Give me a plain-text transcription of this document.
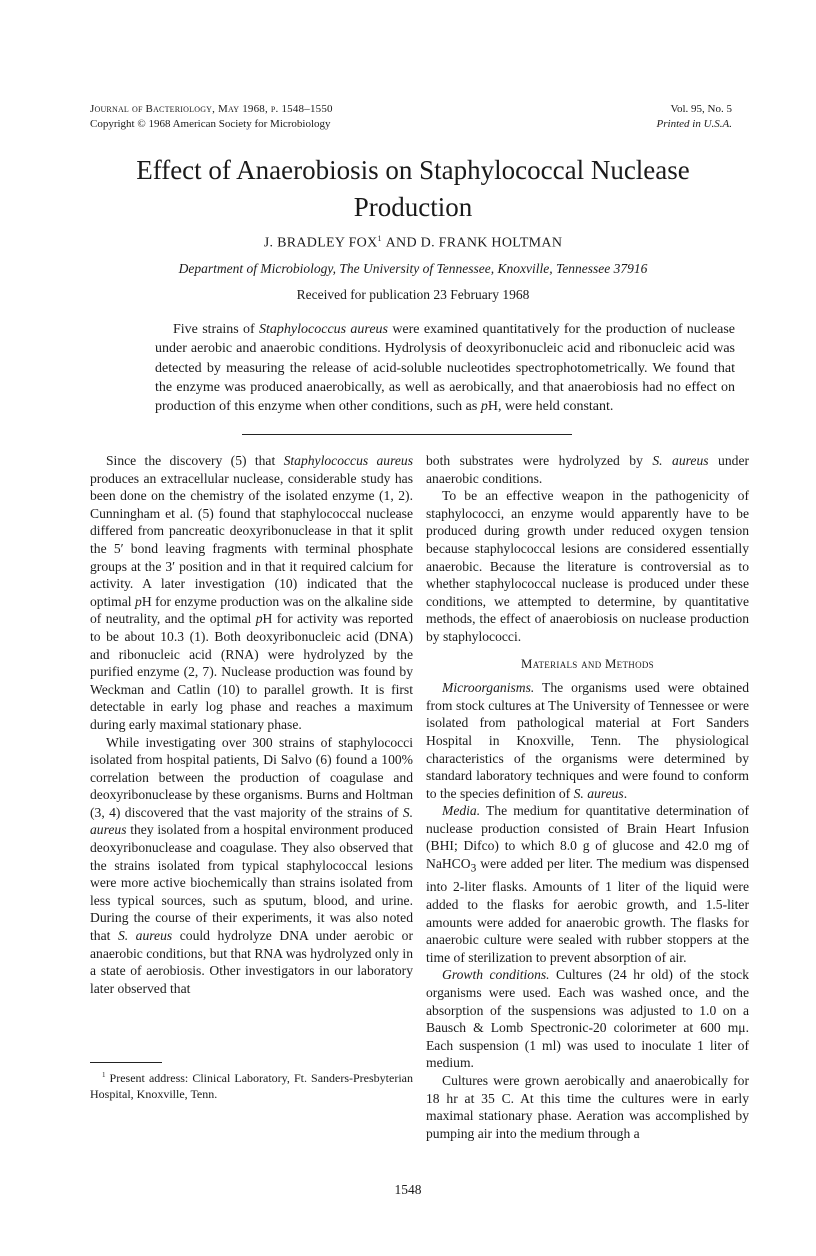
Journal of Bacteriology, May 1968, p. 1548–1550
Copyright © 1968 American Society for Microbiology
Vol. 95, No. 5
Printed in U.S.A.
Effect of Anaerobiosis on Staphylococcal Nuclease Production
J. BRADLEY FOX$^1$ AND D. FRANK HOLTMAN
Department of Microbiology, The University of Tennessee, Knoxville, Tennessee 37916
Received for publication 23 February 1968

Five strains of Staphylococcus aureus were examined quantitatively for the production of nuclease under aerobic and anaerobic conditions. Hydrolysis of deoxyribonucleic acid and ribonucleic acid was detected by measuring the release of acid-soluble nucleotides spectrophotometrically. We found that the enzyme was produced anaerobically, as well as aerobically, and that anaerobiosis had no effect on production of this enzyme when other conditions, such as pH, were held constant.

Since the discovery (5) that Staphylococcus aureus produces an extracellular nuclease, considerable study has been done on the chemistry of the isolated enzyme (1, 2). Cunningham et al. (5) found that staphylococcal nuclease differed from pancreatic deoxyribonuclease in that it split the 5′ bond leaving fragments with terminal phosphate groups at the 3′ position and in that it required calcium for activity. A later investigation (10) indicated that the optimal pH for enzyme production was on the alkaline side of neutrality, and the optimal pH for activity was reported to be about 10.3 (1). Both deoxyribonucleic acid (DNA) and ribonucleic acid (RNA) were hydrolyzed by the purified enzyme (2, 7). Nuclease production was found by Weckman and Catlin (10) to parallel growth. It is first detectable in early log phase and reaches a maximum during early maximal stationary phase.

While investigating over 300 strains of staphylococci isolated from hospital patients, Di Salvo (6) found a 100% correlation between the production of coagulase and deoxyribonuclease by these organisms. Burns and Holtman (3, 4) discovered that the vast majority of the strains of S. aureus they isolated from a hospital environment produced deoxyribonuclease and coagulase. They also observed that the strains isolated from typical staphylococcal lesions were more active biochemically than strains isolated from less typical sources, such as sputum, blood, and urine. During the course of their experiments, it was also noted that S. aureus could hydrolyze DNA under aerobic or anaerobic conditions, but that RNA was hydrolyzed only in a state of aerobiosis. Other investigators in our laboratory later observed that

$^1$ Present address: Clinical Laboratory, Ft. Sanders-Presbyterian Hospital, Knoxville, Tenn.

both substrates were hydrolyzed by S. aureus under anaerobic conditions.

To be an effective weapon in the pathogenicity of staphylococci, an enzyme would apparently have to be produced during growth under reduced oxygen tension because staphylococcal lesions are considered essentially anaerobic. Because the literature is controversial as to whether staphylococcal nuclease is produced under these conditions, we attempted to determine, by quantitative methods, the effect of anaerobiosis on nuclease production by staphylococci.

Materials and Methods

Microorganisms. The organisms used were obtained from stock cultures at The University of Tennessee or were isolated from pathological material at Fort Sanders Hospital in Knoxville, Tenn. The physiological characteristics of the organisms were determined by standard laboratory techniques and were found to conform to the species definition of S. aureus.

Media. The medium for quantitative determination of nuclease production consisted of Brain Heart Infusion (BHI; Difco) to which 8.0 g of glucose and 42.0 mg of NaHCO$_3$ were added per liter. The medium was dispensed into 2-liter flasks. Amounts of 1 liter of the liquid were added to the flasks for aerobic growth, and 1.5-liter amounts were added for anaerobic growth. The flasks for anaerobic culture were sealed with rubber stoppers at the time of sterilization to prevent absorption of air.

Growth conditions. Cultures (24 hr old) of the stock organisms were used. Each was washed once, and the absorption of the suspensions was adjusted to 1.0 on a Bausch & Lomb Spectronic-20 colorimeter at 600 mμ. Each suspension (1 ml) was used to inoculate 1 liter of medium.

Cultures were grown aerobically and anaerobically for 18 hr at 35 C. At this time the cultures were in early maximal stationary phase. Aeration was accomplished by pumping air into the medium through a

1548
